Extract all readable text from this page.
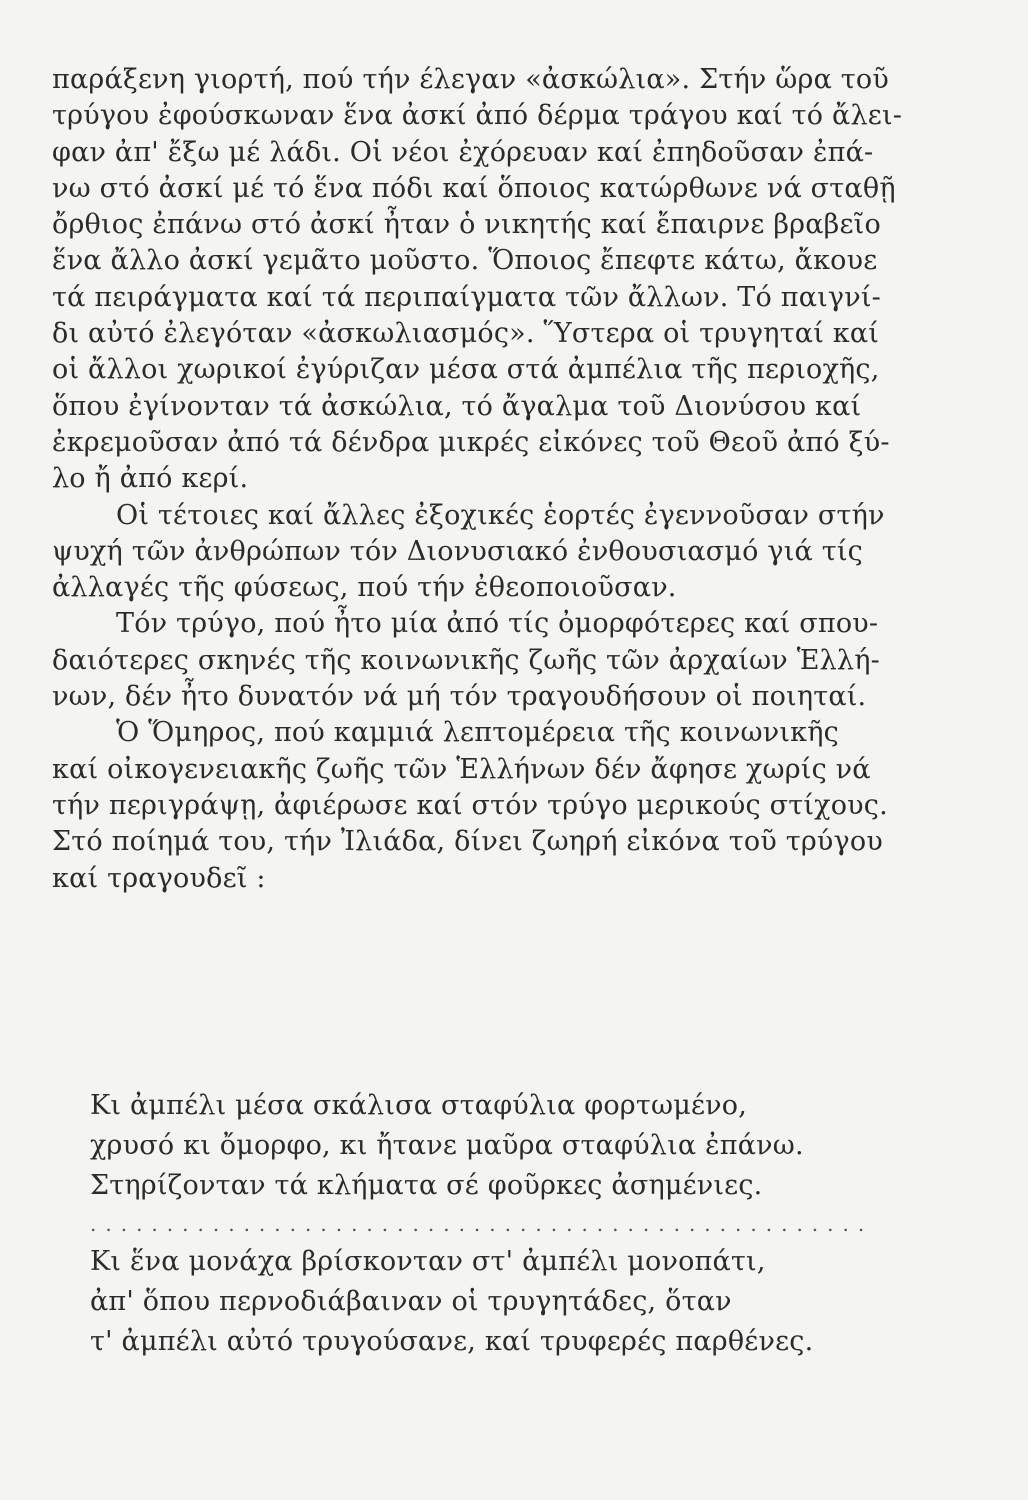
παράξενη γιορτή, πού τήν έλεγαν «ἀσκώλια». Στήν ὥρα τοῦ
τρύγου ἐφούσκωναν ἕνα ἀσκί ἀπό δέρμα τράγου καί τό ἄλει-
φαν ἀπ' ἔξω μέ λάδι. Οἱ νέοι ἐχόρευαν καί ἐπηδοῦσαν ἐπά-
νω στό ἀσκί μέ τό ἕνα πόδι καί ὅποιος κατώρθωνε νά σταθῇ
ὄρθιος ἐπάνω στό ἀσκί ἦταν ὁ νικητής καί ἔπαιρνε βραβεῖο
ἕνα ἄλλο ἀσκί γεμᾶτο μοῦστο. Ὅποιος ἔπεφτε κάτω, ἄκουε
τά πειράγματα καί τά περιπαίγματα τῶν ἄλλων. Τό παιγνί-
δι αὐτό ἐλεγόταν «ἀσκωλιασμός». Ὕστερα οἱ τρυγηταί καί
οἱ ἄλλοι χωρικοί ἐγύριζαν μέσα στά ἀμπέλια τῆς περιοχῆς,
ὅπου ἐγίνονταν τά ἀσκώλια, τό ἄγαλμα τοῦ Διονύσου καί
ἐκρεμοῦσαν ἀπό τά δένδρα μικρές εἰκόνες τοῦ Θεοῦ ἀπό ξύ-
λο ἤ ἀπό κερί.
Οἱ τέτοιες καί ἄλλες ἐξοχικές ἑορτές ἐγεννοῦσαν στήν
ψυχή τῶν ἀνθρώπων τόν Διονυσιακό ἐνθουσιασμό γιά τίς
ἀλλαγές τῆς φύσεως, πού τήν ἐθεοποιοῦσαν.
Τόν τρύγο, πού ἦτο μία ἀπό τίς ὀμορφότερες καί σπου-
δαιότερες σκηνές τῆς κοινωνικῆς ζωῆς τῶν ἀρχαίων Ἑλλή-
νων, δέν ἦτο δυνατόν νά μή τόν τραγουδήσουν οἱ ποιηταί.
Ὁ Ὅμηρος, πού καμμιά λεπτομέρεια τῆς κοινωνικῆς
καί οἰκογενειακῆς ζωῆς τῶν Ἑλλήνων δέν ἄφησε χωρίς νά
τήν περιγράψῃ, ἀφιέρωσε καί στόν τρύγο μερικούς στίχους.
Στό ποίημά του, τήν Ἰλιάδα, δίνει ζωηρή εἰκόνα τοῦ τρύγου
καί τραγουδεῖ :
Κι ἀμπέλι μέσα σκάλισα σταφύλια φορτωμένο,
χρυσό κι ὄμορφο, κι ἤτανε μαῦρα σταφύλια ἐπάνω.
Στηρίζονταν τά κλήματα σέ φοῦρκες ἀσημένιες.
...................................................
Κι ἕνα μονάχα βρίσκονταν στ' ἀμπέλι μονοπάτι,
ἀπ' ὅπου περνοδιάβαιναν οἱ τρυγητάδες, ὅταν
τ' ἀμπέλι αὐτό τρυγούσανε, καί τρυφερές παρθένες.
